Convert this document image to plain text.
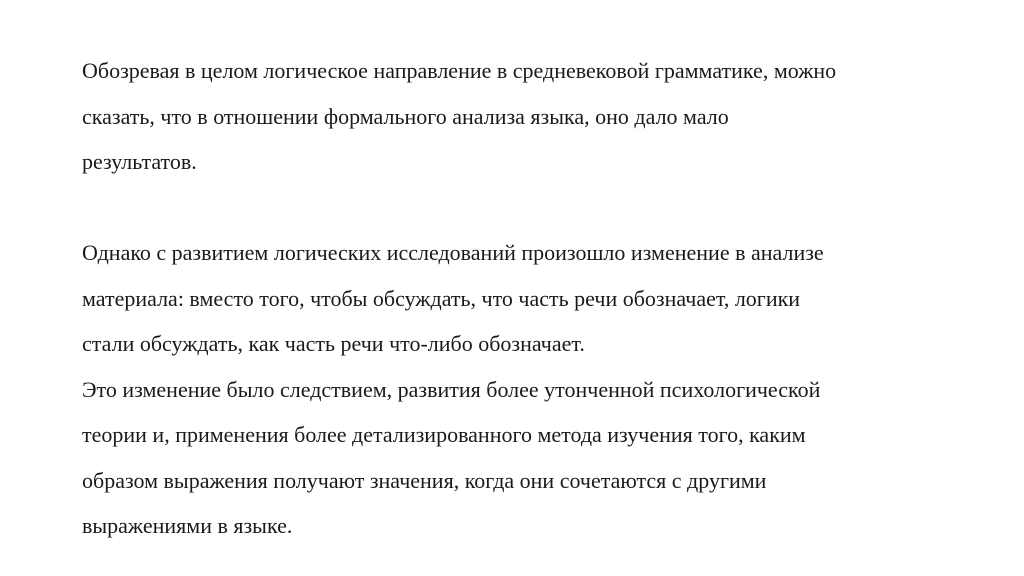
Обозревая в целом логическое направление в средневековой грамматике, можно
сказать, что в отношении формального анализа языка, оно дало мало
результатов.
Однако с развитием логических исследований произошло изменение в анализе
материала: вместо того, чтобы обсуждать, что часть речи обозначает, логики
стали обсуждать, как часть речи что-либо обозначает.
Это изменение было следствием, развития более утонченной психологической
теории и, применения более детализированного метода изучения того, каким
образом выражения получают значения, когда они сочетаются с другими
выражениями в языке.
